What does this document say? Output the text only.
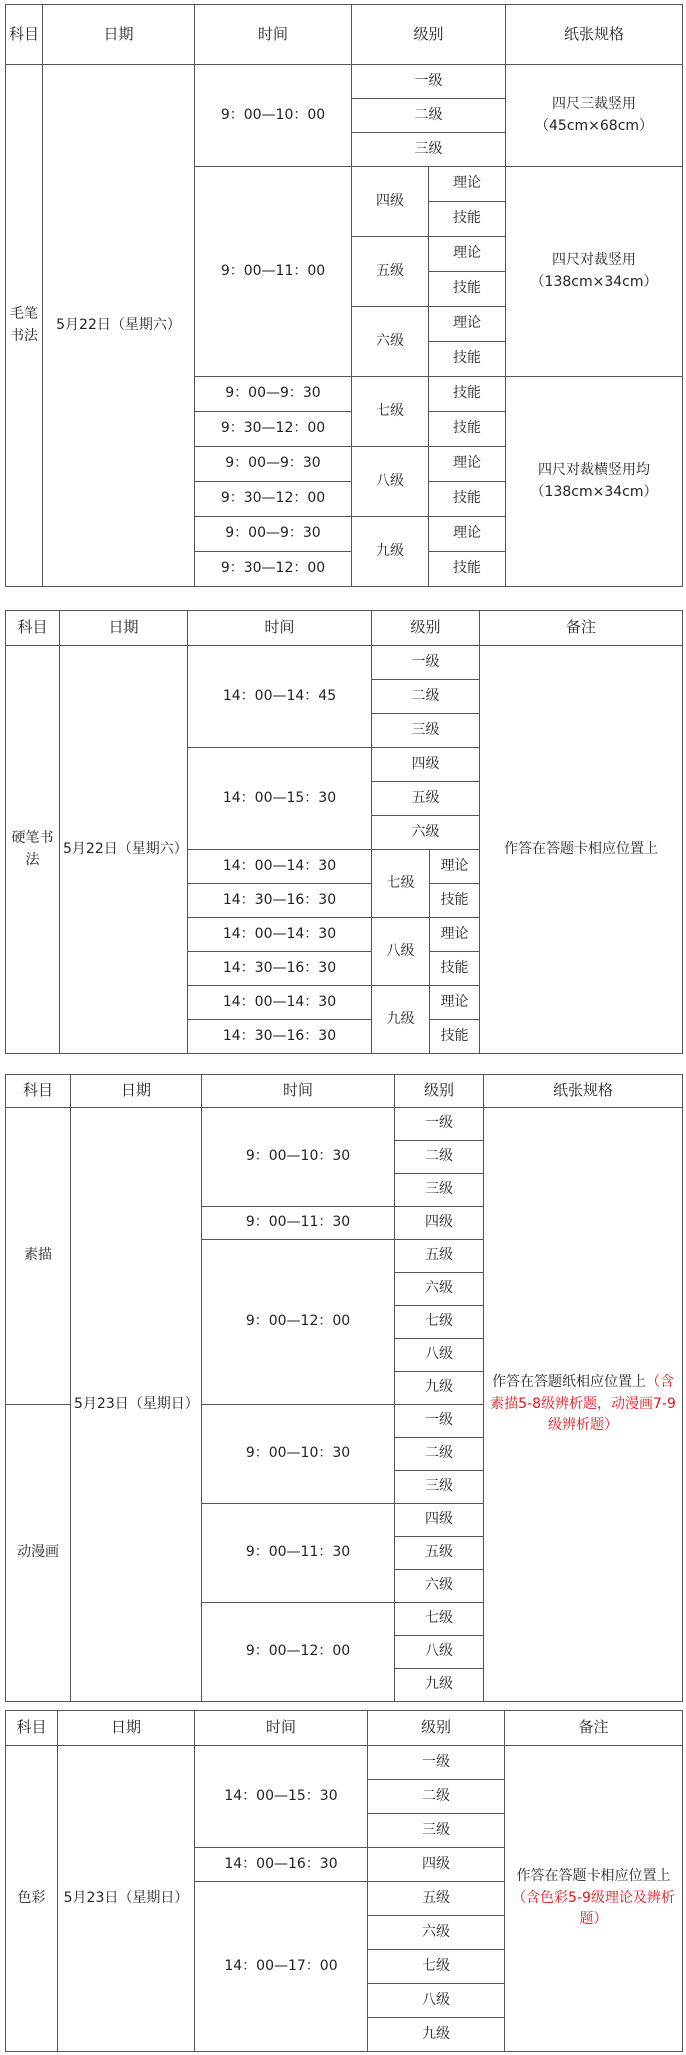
科目	日期	时间	级别		纸张规格
毛笔书法	5月22日（星期六）	9：00—10：00	一级		四尺三裁竖用
（45cm×68cm）

			二级		
			三级		
		9：00—11：00	四级	理论	四尺对裁竖用
（138cm×34cm）

				技能	
			五级	理论	
				技能	
			六级	理论	
				技能	
		9：00—9：30	七级	技能	四尺对裁横竖用均
（138cm×34cm）

		9：30—12：00		技能	
		9：00—9：30	八级	理论	
		9：30—12：00		技能	
		9：00—9：30	九级	理论	
		9：30—12：00		技能	
科目	日期	时间	级别		备注
硬笔书法	5月22日（星期六）	14：00—14：45	一级		作答在答题卡相应位置上
			二级		
			三级		
		14：00—15：30	四级		
			五级		
			六级		
		14：00—14：30	七级	理论	
		14：30—16：30		技能	
		14：00—14：30	八级	理论	
		14：30—16：30		技能	
		14：00—14：30	九级	理论	
		14：30—16：30		技能	
科目	日期	时间	级别	纸张规格
素描	5月23日（星期日）	9：00—10：30	一级	作答在答题纸相应位置上（含素描5-8级辨析题，动漫画7-9级辨析题）
			二级	
			三级	
		9：00—11：30	四级	
		9：00—12：00	五级	
			六级	
			七级	
			八级	
			九级	
动漫画		9：00—10：30	一级	
			二级	
			三级	
		9：00—11：30	四级	
			五级	
			六级	
		9：00—12：00	七级	
			八级	
			九级	
科目	日期	时间	级别	备注
色彩	5月23日（星期日）	14：00—15：30	一级	作答在答题卡相应位置上（含色彩5-9级理论及辨析题）
			二级	
			三级	
		14：00—16：30	四级	
		14：00—17：00	五级	
			六级	
			七级	
			八级	
			九级	
